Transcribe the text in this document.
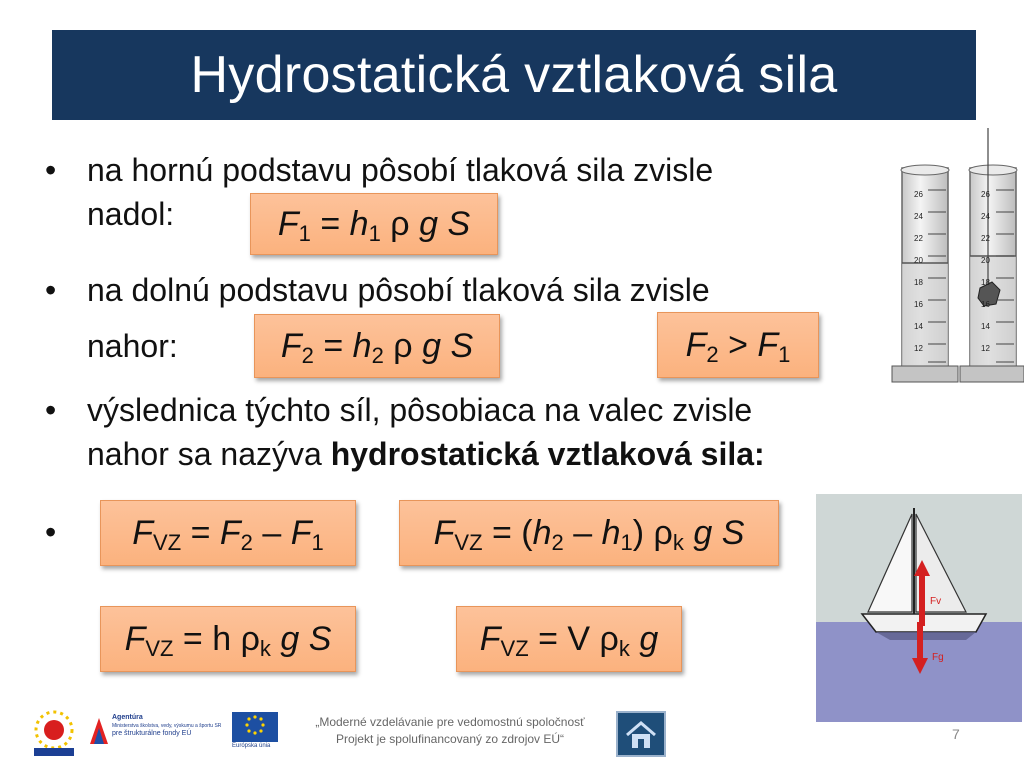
Hydrostatická vztlaková sila
• na hornú podstavu pôsobí tlaková sila zvisle
nadol:
• na dolnú podstavu pôsobí tlaková sila zvisle
nahor:
• výslednica týchto síl, pôsobiaca na valec zvisle
nahor sa nazýva hydrostatická vztlaková sila:
•
$F_1 = h_1$ ρ g S
$F_2 = h_2$ ρ g S	$F_2 > F_1$
$F_{VZ} = F_2 - F_1$	$F_{VZ} = (h_2 - h_1)$ $\rho_k$ g S
$F_{VZ} = h$ $\rho_k$ g S	$F_{VZ} = V$ $\rho_k$ g
26
24
22
20
18
16
14
12
26
24
22
20
18
16
14
12
Fv
Fg
Agentúra
Ministerstva školstva, vedy, výskumu a športu SR
pre štrukturálne fondy EÚ
Európska únia
„Moderné vzdelávanie pre vedomostnú spoločnosť
Projekt je spolufinancovaný zo zdrojov EÚ“	7
